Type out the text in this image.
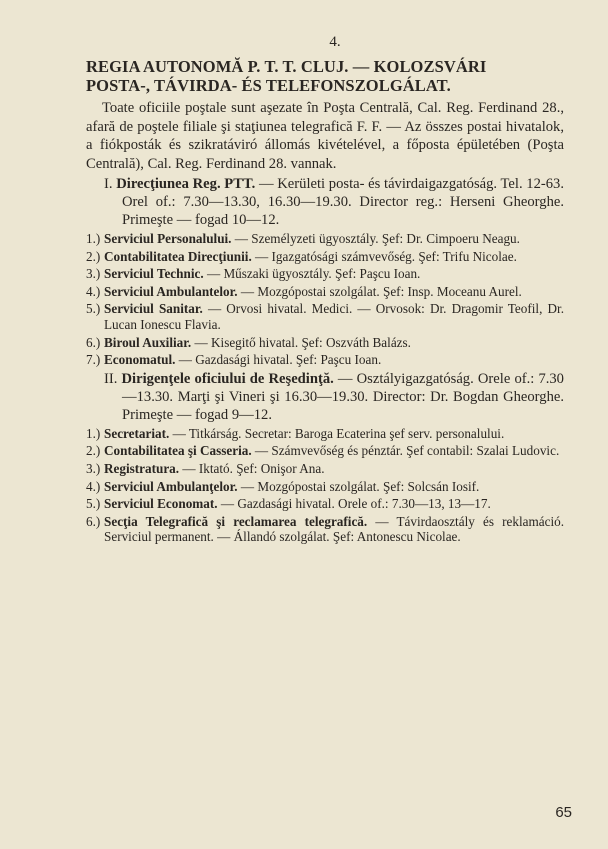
4.
REGIA AUTONOMĂ P. T. T. CLUJ. — KOLOZSVÁRI
POSTA-, TÁVIRDA- ÉS TELEFONSZOLGÁLAT.

Toate oficiile poştale sunt aşezate în Poşta Centrală, Cal. Reg. Ferdinand 28., afară de poştele filiale şi staţiunea telegrafică F. F. — Az összes postai hivatalok, a fiókposták és szikratáviró állomás kivételével, a főposta épületében (Poşta Centrală), Cal. Reg. Ferdinand 28. vannak.

I. Direcţiunea Reg. PTT. — Kerületi posta- és távirdaigazgatóság. Tel. 12-63. Orel of.: 7.30—13.30, 16.30—19.30. Director reg.: Herseni Gheorghe. Primeşte — fogad 10—12.

1.) Serviciul Personalului. — Személyzeti ügyosztály. Şef: Dr. Cimpoeru Neagu.

2.) Contabilitatea Direcţiunii. — Igazgatósági számvevőség. Şef: Trifu Nicolae.

3.) Serviciul Technic. — Műszaki ügyosztály. Şef: Paşcu Ioan.

4.) Serviciul Ambulantelor. — Mozgópostai szolgálat. Şef: Insp. Moceanu Aurel.

5.) Serviciul Sanitar. — Orvosi hivatal. Medici. — Orvosok: Dr. Dragomir Teofil, Dr. Lucan Ionescu Flavia.

6.) Biroul Auxiliar. — Kisegitő hivatal. Şef: Oszváth Balázs.

7.) Economatul. — Gazdasági hivatal. Şef: Paşcu Ioan.

II. Dirigenţele oficiului de Reşedinţă. — Osztályigazgatóság. Orele of.: 7.30—13.30. Marţi şi Vineri şi 16.30—19.30. Director: Dr. Bogdan Gheorghe. Primeşte — fogad 9—12.

1.) Secretariat. — Titkárság. Secretar: Baroga Ecaterina şef serv. personalului.

2.) Contabilitatea şi Casseria. — Számvevőség és pénztár. Şef contabil: Szalai Ludovic.

3.) Registratura. — Iktató. Şef: Onişor Ana.

4.) Serviciul Ambulanţelor. — Mozgópostai szolgálat. Şef: Solcsán Iosif.

5.) Serviciul Economat. — Gazdasági hivatal. Orele of.: 7.30—13, 13—17.

6.) Secţia Telegrafică şi reclamarea telegrafică. — Távirdaosztály és reklamáció. Serviciul permanent. — Állandó szolgálat. Şef: Antonescu Nicolae.

65
